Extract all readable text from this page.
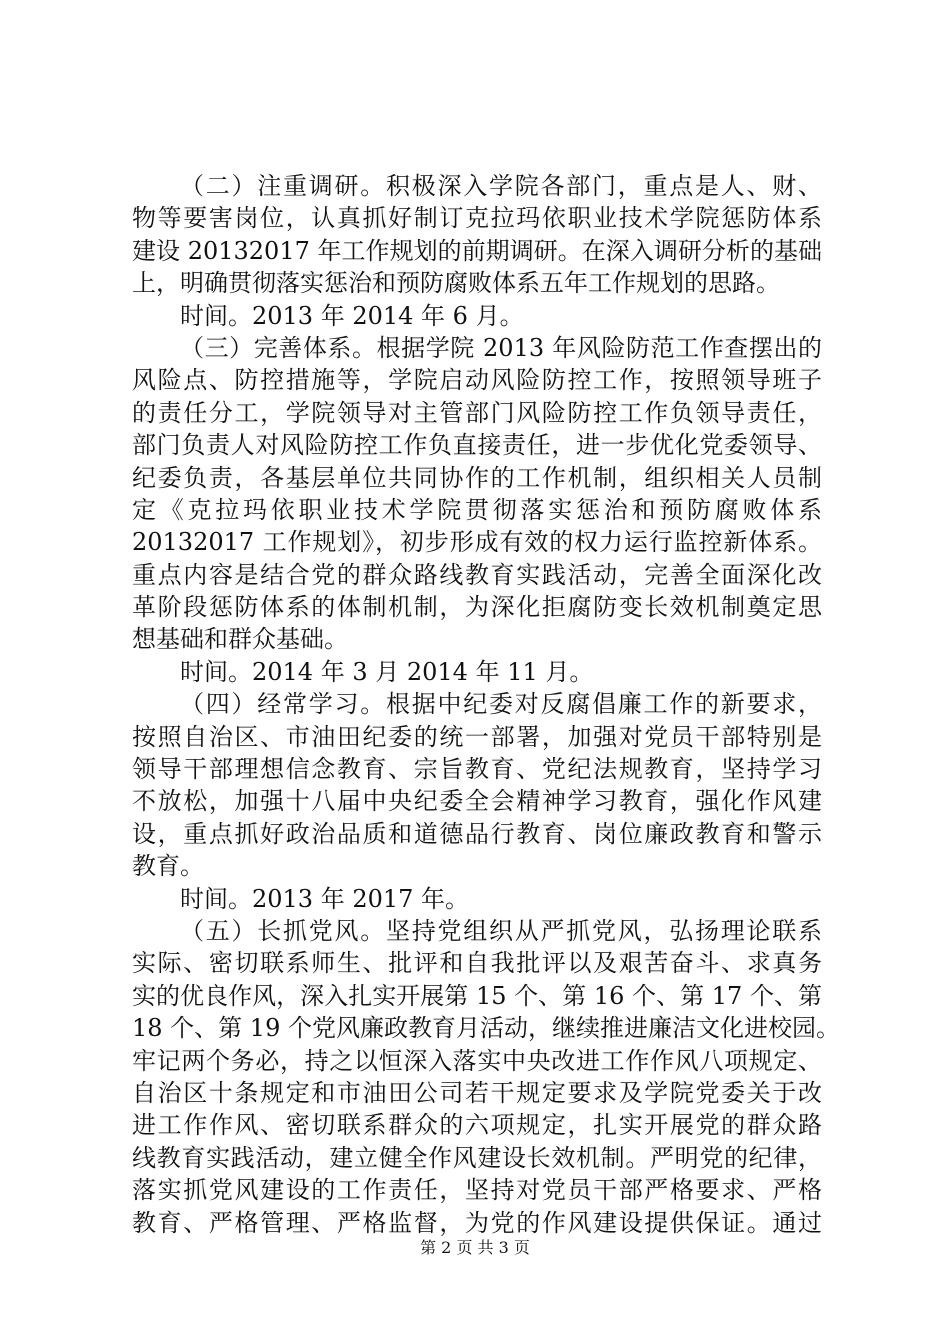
（二）注重调研。积极深入学院各部门，重点是人、财、
物等要害岗位，认真抓好制订克拉玛依职业技术学院惩防体系
建设 20132017 年工作规划的前期调研。在深入调研分析的基础
上，明确贯彻落实惩治和预防腐败体系五年工作规划的思路。
时间。2013 年 2014 年 6 月。
（三）完善体系。根据学院 2013 年风险防范工作查摆出的
风险点、防控措施等，学院启动风险防控工作，按照领导班子
的责任分工，学院领导对主管部门风险防控工作负领导责任，
部门负责人对风险防控工作负直接责任，进一步优化党委领导、
纪委负责，各基层单位共同协作的工作机制，组织相关人员制
定《克拉玛依职业技术学院贯彻落实惩治和预防腐败体系
20132017 工作规划》，初步形成有效的权力运行监控新体系。
重点内容是结合党的群众路线教育实践活动，完善全面深化改
革阶段惩防体系的体制机制，为深化拒腐防变长效机制奠定思
想基础和群众基础。
时间。2014 年 3 月 2014 年 11 月。
（四）经常学习。根据中纪委对反腐倡廉工作的新要求，
按照自治区、市油田纪委的统一部署，加强对党员干部特别是
领导干部理想信念教育、宗旨教育、党纪法规教育，坚持学习
不放松，加强十八届中央纪委全会精神学习教育，强化作风建
设，重点抓好政治品质和道德品行教育、岗位廉政教育和警示
教育。
时间。2013 年 2017 年。
（五）长抓党风。坚持党组织从严抓党风，弘扬理论联系
实际、密切联系师生、批评和自我批评以及艰苦奋斗、求真务
实的优良作风，深入扎实开展第 15 个、第 16 个、第 17 个、第
18 个、第 19 个党风廉政教育月活动，继续推进廉洁文化进校园。
牢记两个务必，持之以恒深入落实中央改进工作作风八项规定、
自治区十条规定和市油田公司若干规定要求及学院党委关于改
进工作作风、密切联系群众的六项规定，扎实开展党的群众路
线教育实践活动，建立健全作风建设长效机制。严明党的纪律，
落实抓党风建设的工作责任，坚持对党员干部严格要求、严格
教育、严格管理、严格监督，为党的作风建设提供保证。通过
第 2 页 共 3 页
